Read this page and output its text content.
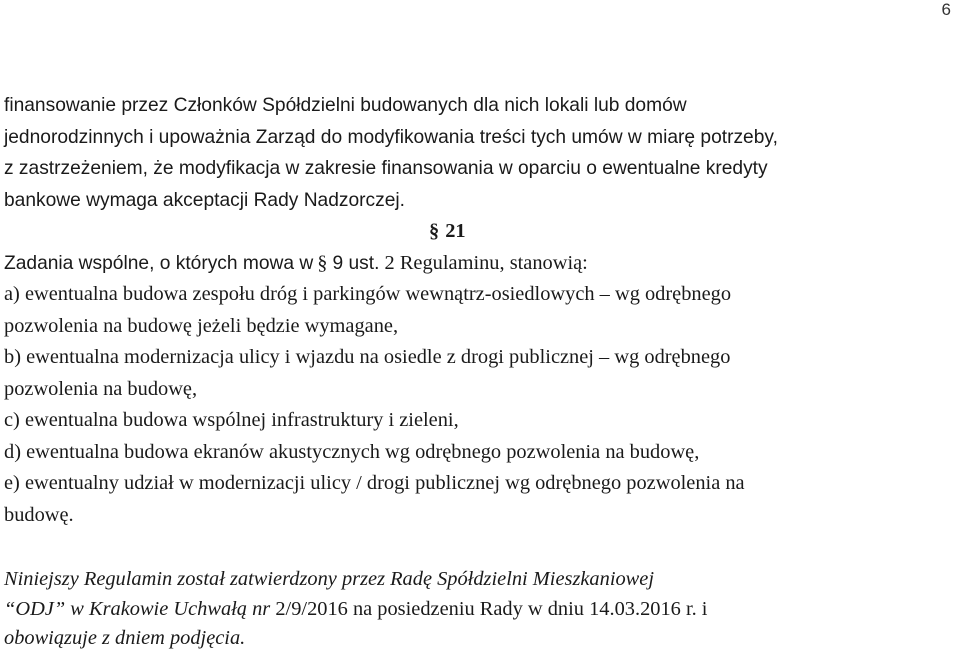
6
finansowanie przez Członków Spółdzielni budowanych dla nich lokali lub domów
jednorodzinnych i upoważnia Zarząd do modyfikowania treści tych umów w miarę potrzeby,
z zastrzeżeniem, że modyfikacja w zakresie finansowania w oparciu o ewentualne kredyty
bankowe wymaga akceptacji Rady Nadzorczej.
§ 21
Zadania wspólne, o których mowa w § 9 ust. 2 Regulaminu, stanowią:
a) ewentualna budowa zespołu dróg i parkingów wewnątrz-osiedlowych – wg odrębnego
pozwolenia na budowę jeżeli będzie wymagane,
b) ewentualna modernizacja ulicy i wjazdu na osiedle z drogi publicznej – wg odrębnego
pozwolenia na budowę,
c) ewentualna budowa wspólnej infrastruktury i zieleni,
d) ewentualna budowa ekranów akustycznych wg odrębnego pozwolenia na budowę,
e) ewentualny udział w modernizacji ulicy / drogi publicznej wg odrębnego pozwolenia na
budowę.
Niniejszy Regulamin został zatwierdzony przez Radę Spółdzielni Mieszkaniowej
“ODJ” w Krakowie Uchwałą nr 2/9/2016 na posiedzeniu Rady w dniu 14.03.2016 r. i
obowiązuje z dniem podjęcia.
